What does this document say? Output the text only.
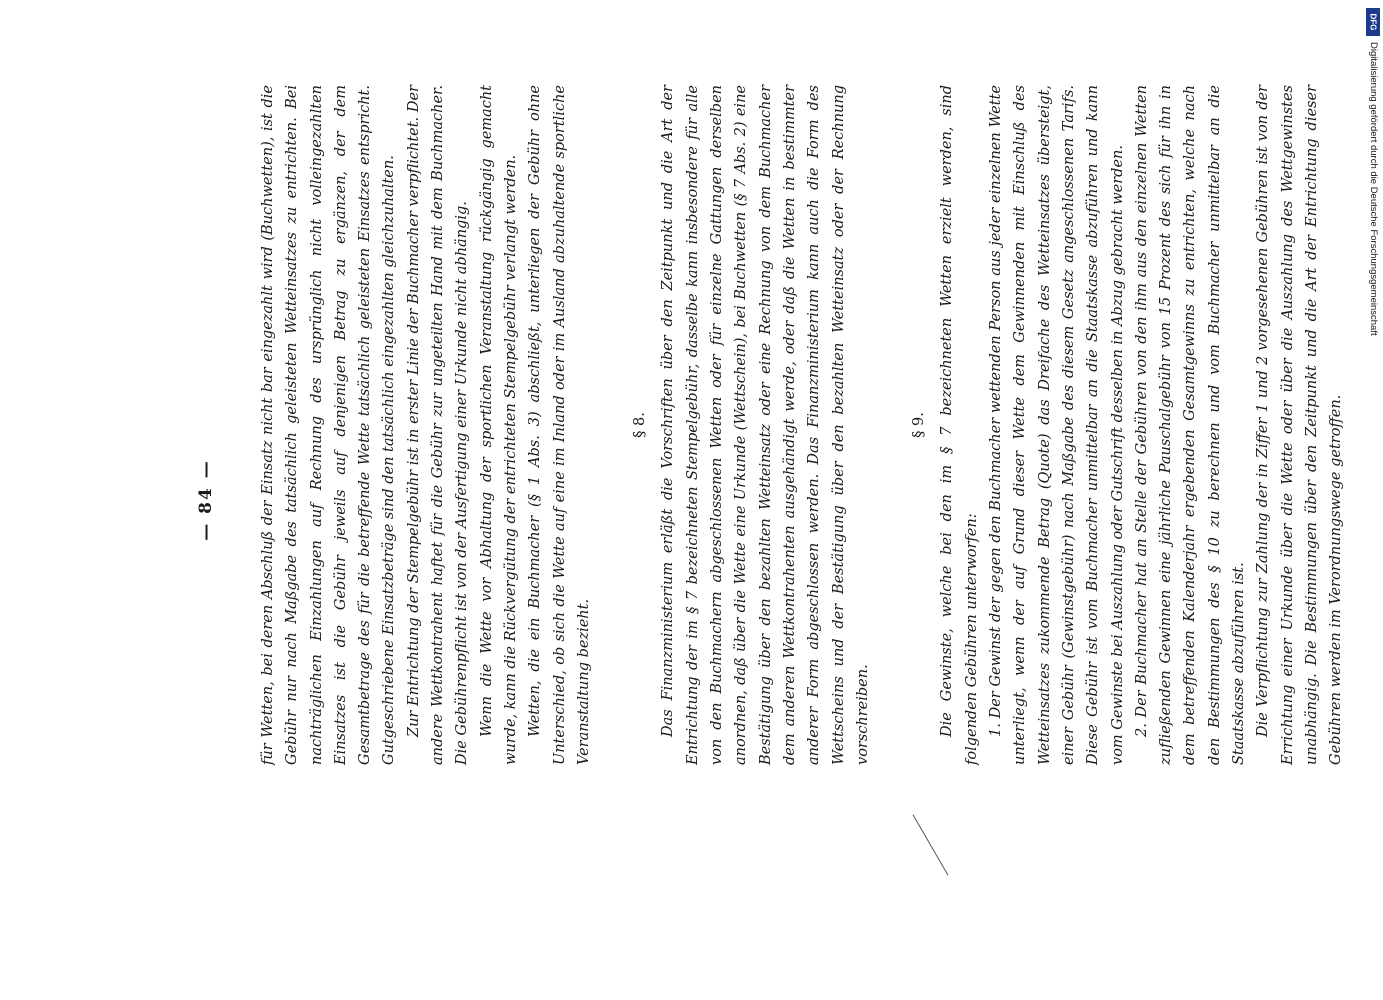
— 84 —	für Wetten, bei deren Abschluß der Einsatz nicht bar eingezahlt wird (Buchwetten), ist die Gebühr nur nach Maßgabe des tatsächlich geleisteten Wetteinsatzes zu entrichten. Bei nachträglichen Einzahlungen auf Rechnung des ursprünglich nicht volleingezahlten Einsatzes ist die Gebühr jeweils auf denjenigen Betrag zu ergänzen, der dem Gesamtbetrage des für die betreffende Wette tatsächlich geleisteten Einsatzes entspricht. Gutgeschriebene Einsatzbeträge sind den tatsächlich eingezahlten gleichzuhalten. Zur Entrichtung der Stempelgebühr ist in erster Linie der Buchmacher verpflichtet. Der andere Wettkontrahent haftet für die Gebühr zur ungeteilten Hand mit dem Buchmacher. Die Gebührenpflicht ist von der Ausfertigung einer Urkunde nicht abhängig. Wenn die Wette vor Abhaltung der sportlichen Veranstaltung rückgängig gemacht wurde, kann die Rückvergütung der entrichteten Stempelgebühr verlangt werden. Wetten, die ein Buchmacher (§ 1 Abs. 3) abschließt, unterliegen der Gebühr ohne Unterschied, ob sich die Wette auf eine im Inland oder im Ausland abzuhaltende sportliche Veranstaltung bezieht.

§ 8. Das Finanzministerium erläßt die Vorschriften über den Zeitpunkt und die Art der Entrichtung der im § 7 bezeichneten Stempelgebühr, dasselbe kann insbesondere für alle von den Buchmachern abgeschlossenen Wetten oder für einzelne Gattungen derselben anordnen, daß über die Wette eine Urkunde (Wettschein), bei Buchwetten (§ 7 Abs. 2) eine Bestätigung über den bezahlten Wetteinsatz oder eine Rechnung von dem Buchmacher dem anderen Wettkontrahenten ausgehändigt werde, oder daß die Wetten in bestimmter anderer Form abgeschlossen werden. Das Finanzministerium kann auch die Form des Wettscheins und der Bestätigung über den bezahlten Wetteinsatz oder der Rechnung vorschreiben.

§ 9. Die Gewinste, welche bei den im § 7 bezeichneten Wetten erzielt werden, sind folgenden Gebühren unterworfen: 1. Der Gewinst der gegen den Buchmacher wettenden Person aus jeder einzelnen Wette unterliegt, wenn der auf Grund dieser Wette dem Gewinnenden mit Einschluß des Wetteinsatzes zukommende Betrag (Quote) das Dreifache des Wetteinsatzes übersteigt, einer Gebühr (Gewinstgebühr) nach Maßgabe des diesem Gesetz angeschlossenen Tarifs. Diese Gebühr ist vom Buchmacher unmittelbar an die Staatskasse abzuführen und kann vom Gewinste bei Auszahlung oder Gutschrift desselben in Abzug gebracht werden. 2. Der Buchmacher hat an Stelle der Gebühren von den ihm aus den einzelnen Wetten zufließenden Gewinnen eine jährliche Pauschalgebühr von 15 Prozent des sich für ihn in dem betreffenden Kalenderjahr ergebenden Gesamtgewinns zu entrichten, welche nach den Bestimmungen des § 10 zu berechnen und vom Buchmacher unmittelbar an die Staatskasse abzuführen ist. Die Verpflichtung zur Zahlung der in Ziffer 1 und 2 vorgesehenen Gebühren ist von der Errichtung einer Urkunde über die Wette oder über die Auszahlung des Wettgewinstes unabhängig. Die Bestimmungen über den Zeitpunkt und die Art der Entrichtung dieser Gebühren werden im Verordnungswege getroffen.

DFG
Digitalisierung gefördert durch die Deutsche Forschungsgemeinschaft
